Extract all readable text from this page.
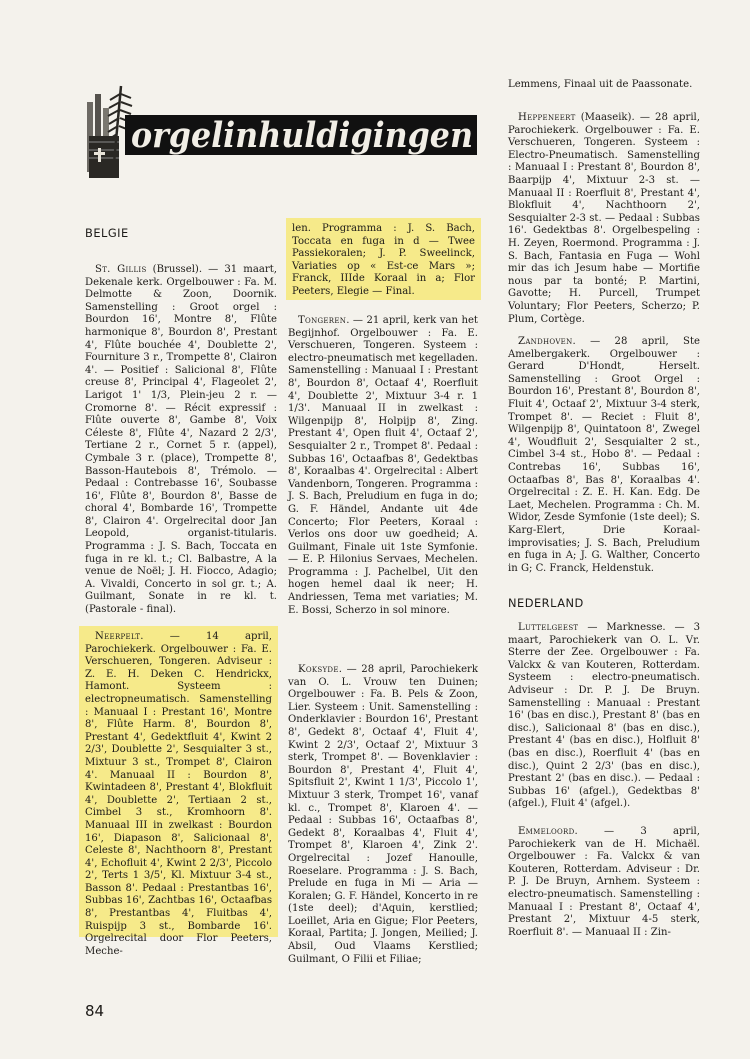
orgelinhuldigingen
BELGIE

St. Gillis (Brussel). — 31 maart, Dekenale kerk. Orgelbouwer : Fa. M. Delmotte & Zoon, Doornik. Samenstelling : Groot orgel : Bourdon 16', Montre 8', Flûte harmonique 8', Bourdon 8', Prestant 4', Flûte bouchée 4', Doublette 2', Fourniture 3 r., Trompette 8', Clairon 4'. — Positief : Salicional 8', Flûte creuse 8', Principal 4', Flageolet 2', Larigot 1' 1/3, Plein-jeu 2 r. — Cromorne 8'. — Récit expressif : Flûte ouverte 8', Gambe 8', Voix Céleste 8', Flûte 4', Nazard 2 2/3', Tertiane 2 r., Cornet 5 r. (appel), Cymbale 3 r. (place), Trompette 8', Basson-Hautebois 8', Trémolo. — Pedaal : Contrebasse 16', Soubasse 16', Flûte 8', Bourdon 8', Basse de choral 4', Bombarde 16', Trompette 8', Clairon 4'. Orgelrecital door Jan Leopold, organist-titularis. Programma : J. S. Bach, Toccata en fuga in re kl. t.; Cl. Balbastre, A la venue de Noël; J. H. Fiocco, Adagio; A. Vivaldi, Concerto in sol gr. t.; A. Guilmant, Sonate in re kl. t. (Pastorale - final).

Neerpelt. — 14 april, Parochiekerk. Orgelbouwer : Fa. E. Verschueren, Tongeren. Adviseur : Z. E. H. Deken C. Hendrickx, Hamont. Systeem : electropneumatisch. Samenstelling : Manuaal I : Prestant 16', Montre 8', Flûte Harm. 8', Bourdon 8', Prestant 4', Gedektfluit 4', Kwint 2 2/3', Doublette 2', Sesquialter 3 st., Mixtuur 3 st., Trompet 8', Clairon 4'. Manuaal II : Bourdon 8', Kwintadeen 8', Prestant 4', Blokfluit 4', Doublette 2', Tertiaan 2 st., Cimbel 3 st., Kromhoorn 8'. Manuaal III in zwelkast : Bourdon 16', Diapason 8', Salicionaal 8', Celeste 8', Nachthoorn 8', Prestant 4', Echofluit 4', Kwint 2 2/3', Piccolo 2', Terts 1 3/5', Kl. Mixtuur 3-4 st., Basson 8'. Pedaal : Prestantbas 16', Subbas 16', Zachtbas 16', Octaafbas 8', Prestantbas 4', Fluitbas 4', Ruispijp 3 st., Bombarde 16'. Orgelrecital door Flor Peeters, Meche-

len. Programma : J. S. Bach, Toccata en fuga in d — Twee Passiekoralen; J. P. Sweelinck, Variaties op « Est-ce Mars »; Franck, IIIde Koraal in a; Flor Peeters, Elegie — Final.

Tongeren. — 21 april, kerk van het Begijnhof. Orgelbouwer : Fa. E. Verschueren, Tongeren. Systeem : electro-pneumatisch met kegelladen. Samenstelling : Manuaal I : Prestant 8', Bourdon 8', Octaaf 4', Roerfluit 4', Doublette 2', Mixtuur 3-4 r. 1 1/3'. Manuaal II in zwelkast : Wilgenpijp 8', Holpijp 8', Zing. Prestant 4', Open fluit 4', Octaaf 2', Sesquialter 2 r., Trompet 8'. Pedaal : Subbas 16', Octaafbas 8', Gedektbas 8', Koraalbas 4'. Orgelrecital : Albert Vandenborn, Tongeren. Programma : J. S. Bach, Preludium en fuga in do; G. F. Händel, Andante uit 4de Concerto; Flor Peeters, Koraal : Verlos ons door uw goedheid; A. Guilmant, Finale uit 1ste Symfonie. — E. P. Hilonius Servaes, Mechelen. Programma : J. Pachelbel, Uit den hogen hemel daal ik neer; H. Andriessen, Tema met variaties; M. E. Bossi, Scherzo in sol minore.

Koksyde. — 28 april, Parochiekerk van O. L. Vrouw ten Duinen; Orgelbouwer : Fa. B. Pels & Zoon, Lier. Systeem : Unit. Samenstelling : Onderklavier : Bourdon 16', Prestant 8', Gedekt 8', Octaaf 4', Fluit 4', Kwint 2 2/3', Octaaf 2', Mixtuur 3 sterk, Trompet 8'. — Bovenklavier : Bourdon 8', Prestant 4', Fluit 4', Spitsfluit 2', Kwint 1 1/3', Piccolo 1', Mixtuur 3 sterk, Trompet 16', vanaf kl. c., Trompet 8', Klaroen 4'. — Pedaal : Subbas 16', Octaafbas 8', Gedekt 8', Koraalbas 4', Fluit 4', Trompet 8', Klaroen 4', Zink 2'. Orgelrecital : Jozef Hanoulle, Roeselare. Programma : J. S. Bach, Prelude en fuga in Mi — Aria — Koralen; G. F. Händel, Koncerto in re (1ste deel); d'Aquin, kerstlied; Loeillet, Aria en Gigue; Flor Peeters, Koraal, Partita; J. Jongen, Meilied; J. Absil, Oud Vlaams Kerstlied; Guilmant, O Filii et Filiae;

Lemmens, Finaal uit de Paassonate.

Heppeneert (Maaseik). — 28 april, Parochiekerk. Orgelbouwer : Fa. E. Verschueren, Tongeren. Systeem : Electro-Pneumatisch. Samenstelling : Manuaal I : Prestant 8', Bourdon 8', Baarpijp 4', Mixtuur 2-3 st. — Manuaal II : Roerfluit 8', Prestant 4', Blokfluit 4', Nachthoorn 2', Sesquialter 2-3 st. — Pedaal : Subbas 16'. Gedektbas 8'. Orgelbespeling : H. Zeyen, Roermond. Programma : J. S. Bach, Fantasia en Fuga — Wohl mir das ich Jesum habe — Mortifie nous par ta bonté; P. Martini, Gavotte; H. Purcell, Trumpet Voluntary; Flor Peeters, Scherzo; P. Plum, Cortège.

Zandhoven. — 28 april, Ste Amelbergakerk. Orgelbouwer : Gerard D'Hondt, Herselt. Samenstelling : Groot Orgel : Bourdon 16', Prestant 8', Bourdon 8', Fluit 4', Octaaf 2', Mixtuur 3-4 sterk, Trompet 8'. — Reciet : Fluit 8', Wilgenpijp 8', Quintatoon 8', Zwegel 4', Woudfluit 2', Sesquialter 2 st., Cimbel 3-4 st., Hobo 8'. — Pedaal : Contrebas 16', Subbas 16', Octaafbas 8', Bas 8', Koraalbas 4'. Orgelrecital : Z. E. H. Kan. Edg. De Laet, Mechelen. Programma : Ch. M. Widor, Zesde Symfonie (1ste deel); S. Karg-Elert, Drie Koraal-improvisaties; J. S. Bach, Preludium en fuga in A; J. G. Walther, Concerto in G; C. Franck, Heldenstuk.

NEDERLAND

Luttelgeest — Marknesse. — 3 maart, Parochiekerk van O. L. Vr. Sterre der Zee. Orgelbouwer : Fa. Valckx & van Kouteren, Rotterdam. Systeem : electro-pneumatisch. Adviseur : Dr. P. J. De Bruyn. Samenstelling : Manuaal : Prestant 16' (bas en disc.), Prestant 8' (bas en disc.), Salicionaal 8' (bas en disc.), Prestant 4' (bas en disc.), Holfluit 8' (bas en disc.), Roerfluit 4' (bas en disc.), Quint 2 2/3' (bas en disc.), Prestant 2' (bas en disc.). — Pedaal : Subbas 16' (afgel.), Gedektbas 8' (afgel.), Fluit 4' (afgel.).

Emmeloord. — 3 april, Parochiekerk van de H. Michaël. Orgelbouwer : Fa. Valckx & van Kouteren, Rotterdam. Adviseur : Dr. P. J. De Bruyn, Arnhem. Systeem : electro-pneumatisch. Samenstelling : Manuaal I : Prestant 8', Octaaf 4', Prestant 2', Mixtuur 4-5 sterk, Roerfluit 8'. — Manuaal II : Zin-

84
